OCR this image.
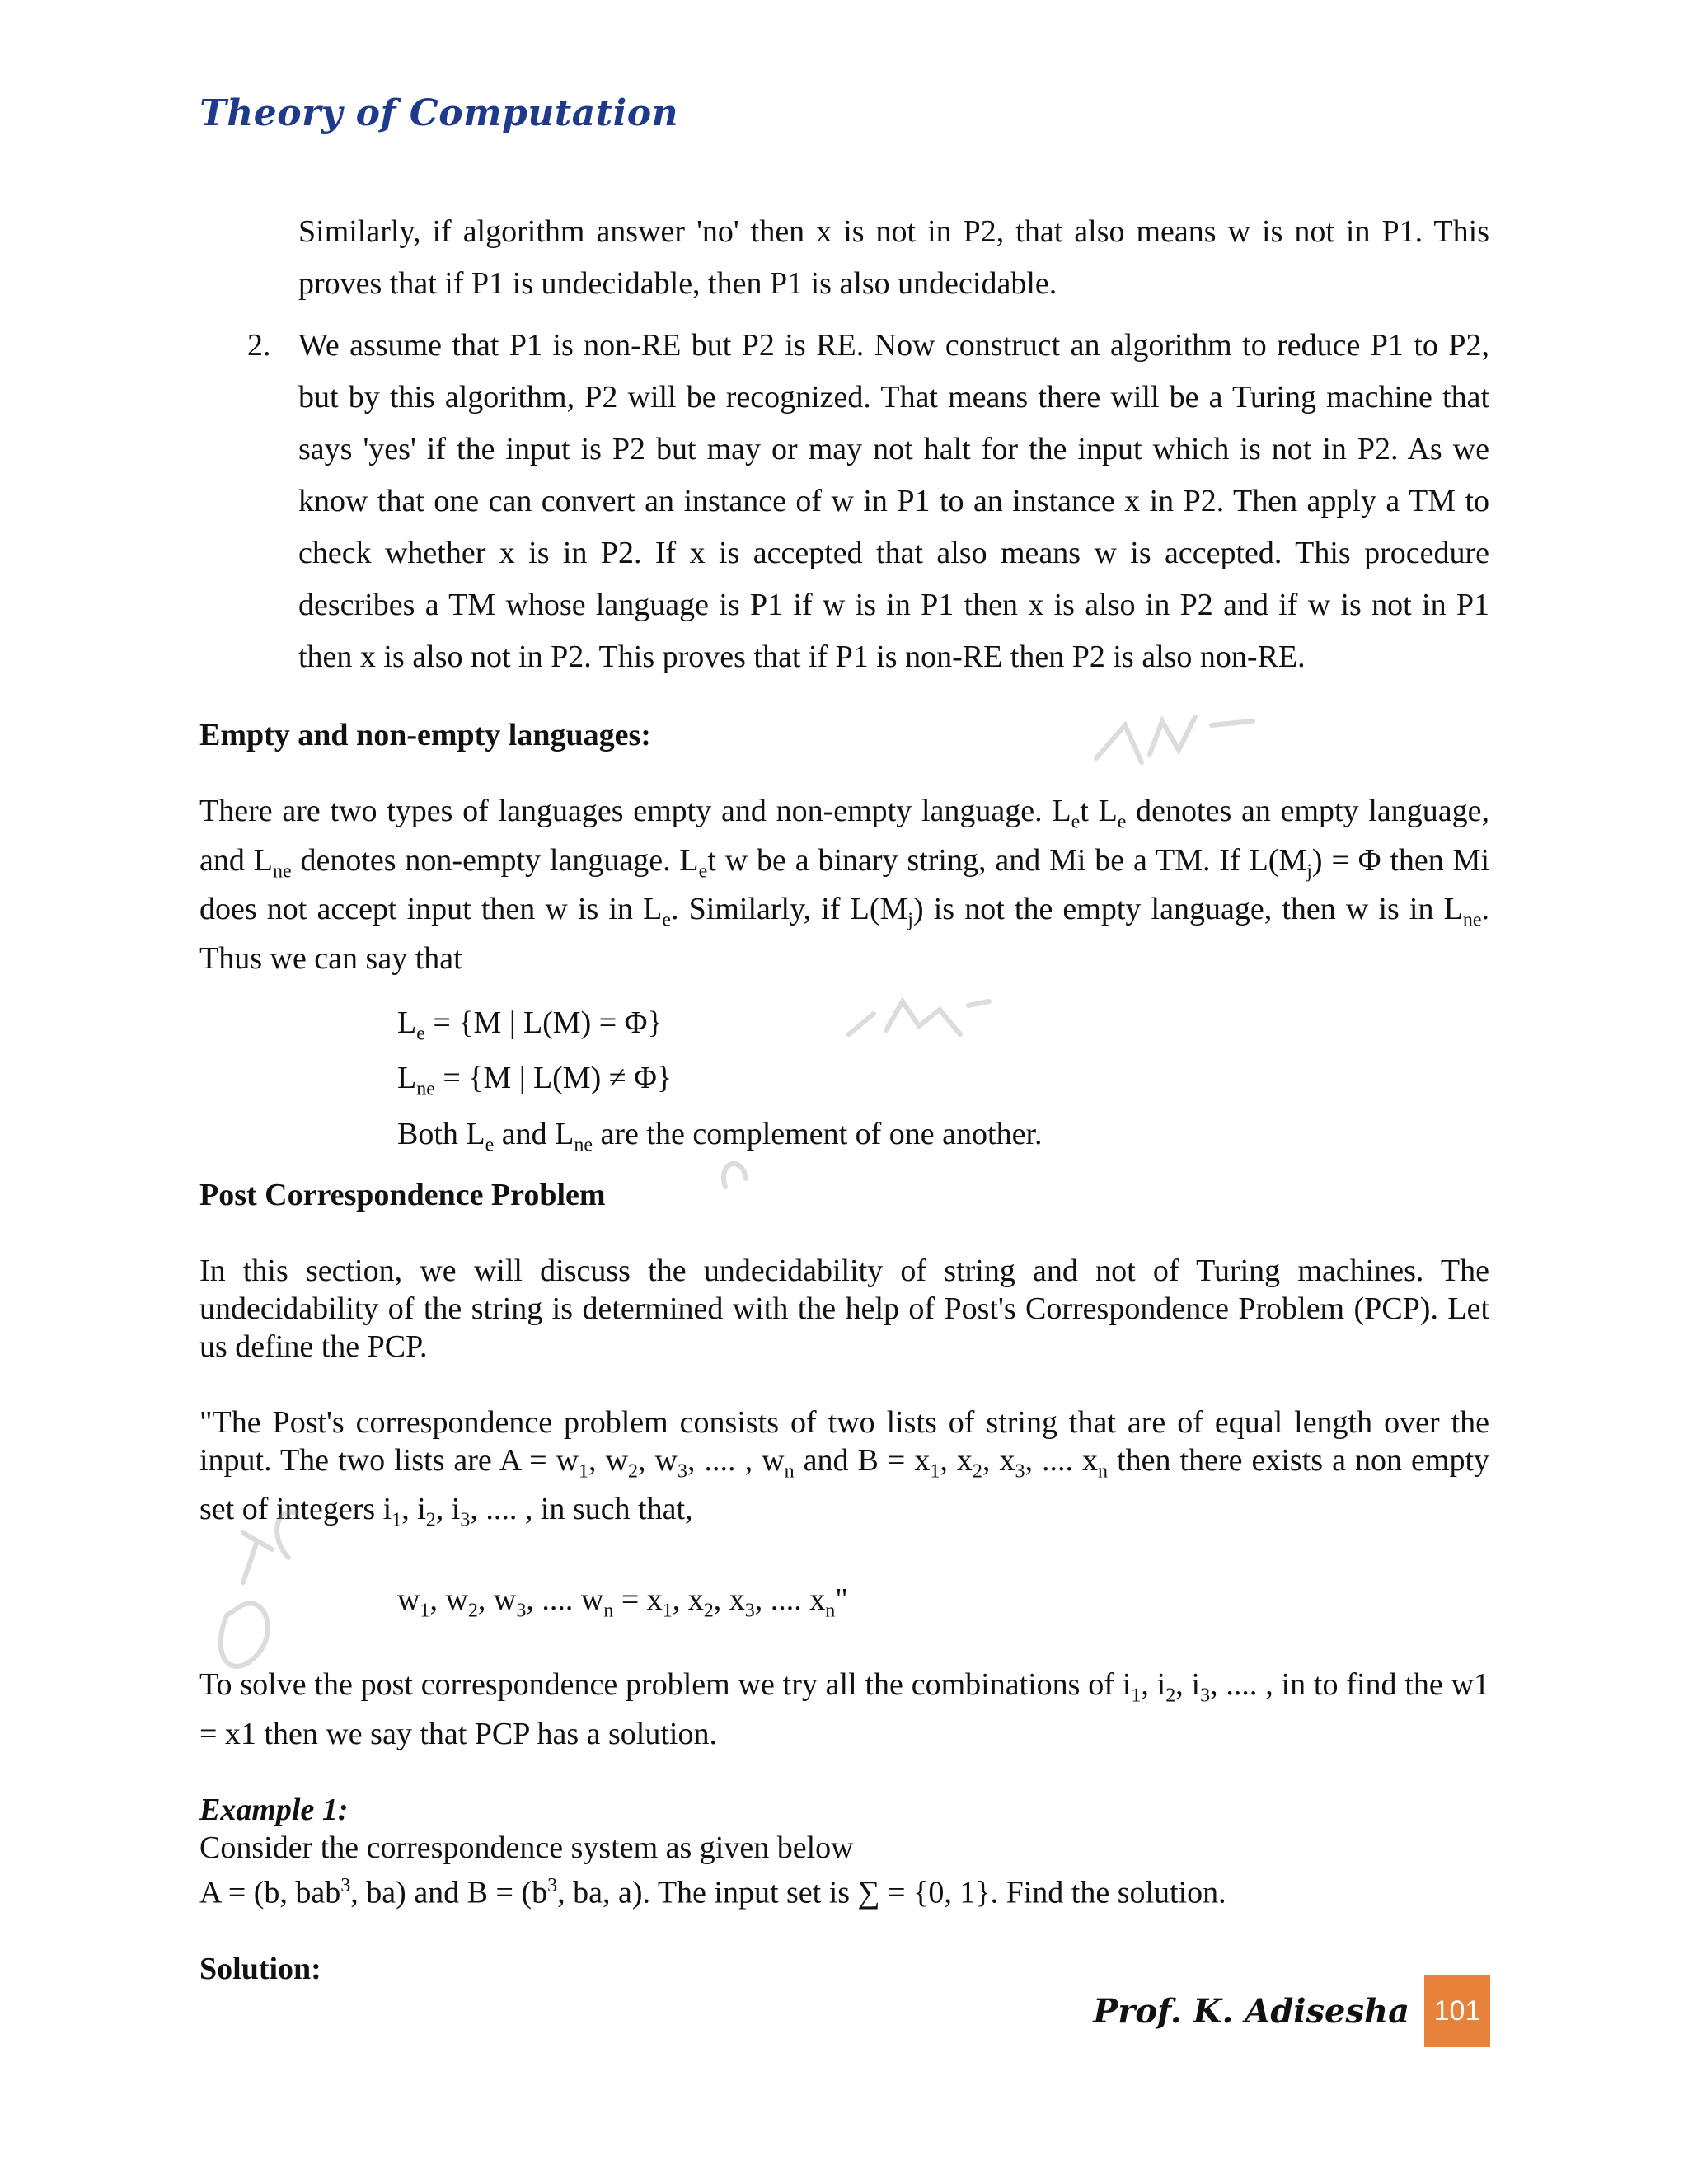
Theory of Computation

Similarly, if algorithm answer 'no' then x is not in P2, that also means w is not in P1. This proves that if P1 is undecidable, then P1 is also undecidable.

2. We assume that P1 is non-RE but P2 is RE. Now construct an algorithm to reduce P1 to P2, but by this algorithm, P2 will be recognized. That means there will be a Turing machine that says 'yes' if the input is P2 but may or may not halt for the input which is not in P2. As we know that one can convert an instance of w in P1 to an instance x in P2. Then apply a TM to check whether x is in P2. If x is accepted that also means w is accepted. This procedure describes a TM whose language is P1 if w is in P1 then x is also in P2 and if w is not in P1 then x is also not in P2. This proves that if P1 is non-RE then P2 is also non-RE.

Empty and non-empty languages:

There are two types of languages empty and non-empty language. $L_et$ $L_e$ denotes an empty language, and $L_{ne}$ denotes non-empty language. $L_et$ w be a binary string, and Mi be a TM. If $L(M_j) = \Phi$ then Mi does not accept input then w is in $L_e$. Similarly, if $L(M_j)$ is not the empty language, then w is in $L_{ne}$. Thus we can say that

$L_e = \{M$ | L(M) = Φ}

$L_{ne} = \{M$ | L(M) ≠ Φ}

Both $L_e$ and $L_{ne}$ are the complement of one another.

Post Correspondence Problem

In this section, we will discuss the undecidability of string and not of Turing machines. The undecidability of the string is determined with the help of Post's Correspondence Problem (PCP). Let us define the PCP.

"The Post's correspondence problem consists of two lists of string that are of equal length over the input. The two lists are $A = w_1$, $w_2$, $w_3$, .... , $w_n$ and $B = x_1$, $x_2$, $x_3$, .... $x_n$ then there exists a non empty set of integers $i_1$, $i_2$, $i_3$, .... , in such that,

$w_1$, $w_2$, $w_3$, .... $w_n = x_1$, $x_2$, $x_3$, .... $x_n$"

To solve the post correspondence problem we try all the combinations of $i_1$, $i_2$, $i_3$, .... , in to find the w1 = x1 then we say that PCP has a solution.

Example 1:

Consider the correspondence system as given below

A = (b, bab$^3$, ba) and $B = (b^3$, ba, a). The input set is ∑ = {0, 1}. Find the solution.

Solution:
Prof. K. Adisesha 101
